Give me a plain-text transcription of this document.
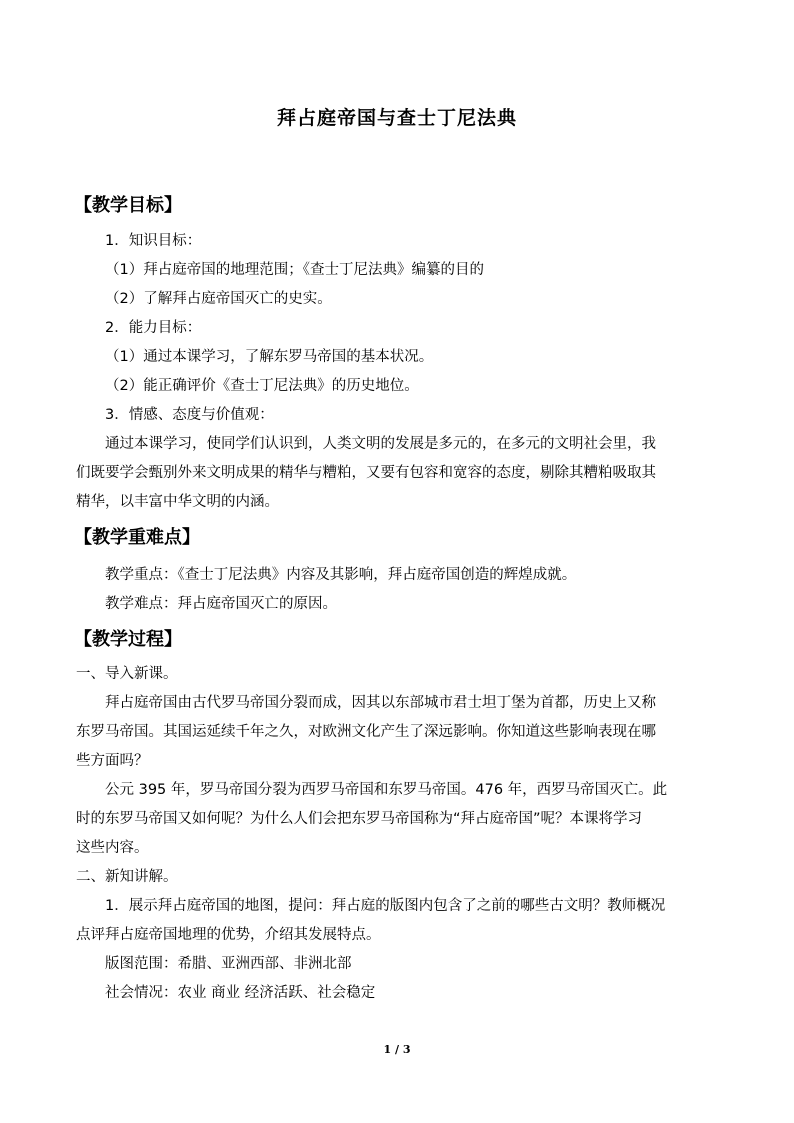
拜占庭帝国与查士丁尼法典
【教学目标】
1．知识目标：
（1）拜占庭帝国的地理范围；《查士丁尼法典》编纂的目的
（2）了解拜占庭帝国灭亡的史实。
2．能力目标：
（1）通过本课学习，了解东罗马帝国的基本状况。
（2）能正确评价《查士丁尼法典》的历史地位。
3．情感、态度与价值观：
通过本课学习，使同学们认识到，人类文明的发展是多元的，在多元的文明社会里，我
们既要学会甄别外来文明成果的精华与糟粕，又要有包容和宽容的态度，剔除其糟粕吸取其
精华，以丰富中华文明的内涵。
【教学重难点】
教学重点：《查士丁尼法典》内容及其影响，拜占庭帝国创造的辉煌成就。
教学难点：拜占庭帝国灭亡的原因。
【教学过程】
一、导入新课。
拜占庭帝国由古代罗马帝国分裂而成，因其以东部城市君士坦丁堡为首都，历史上又称
东罗马帝国。其国运延续千年之久，对欧洲文化产生了深远影响。你知道这些影响表现在哪
些方面吗？
公元 395 年，罗马帝国分裂为西罗马帝国和东罗马帝国。476 年，西罗马帝国灭亡。此
时的东罗马帝国又如何呢？为什么人们会把东罗马帝国称为“拜占庭帝国”呢？本课将学习
这些内容。
二、新知讲解。
1．展示拜占庭帝国的地图，提问：拜占庭的版图内包含了之前的哪些古文明？教师概况
点评拜占庭帝国地理的优势，介绍其发展特点。
版图范围：希腊、亚洲西部、非洲北部
社会情况：农业 商业 经济活跃、社会稳定
1 / 3
